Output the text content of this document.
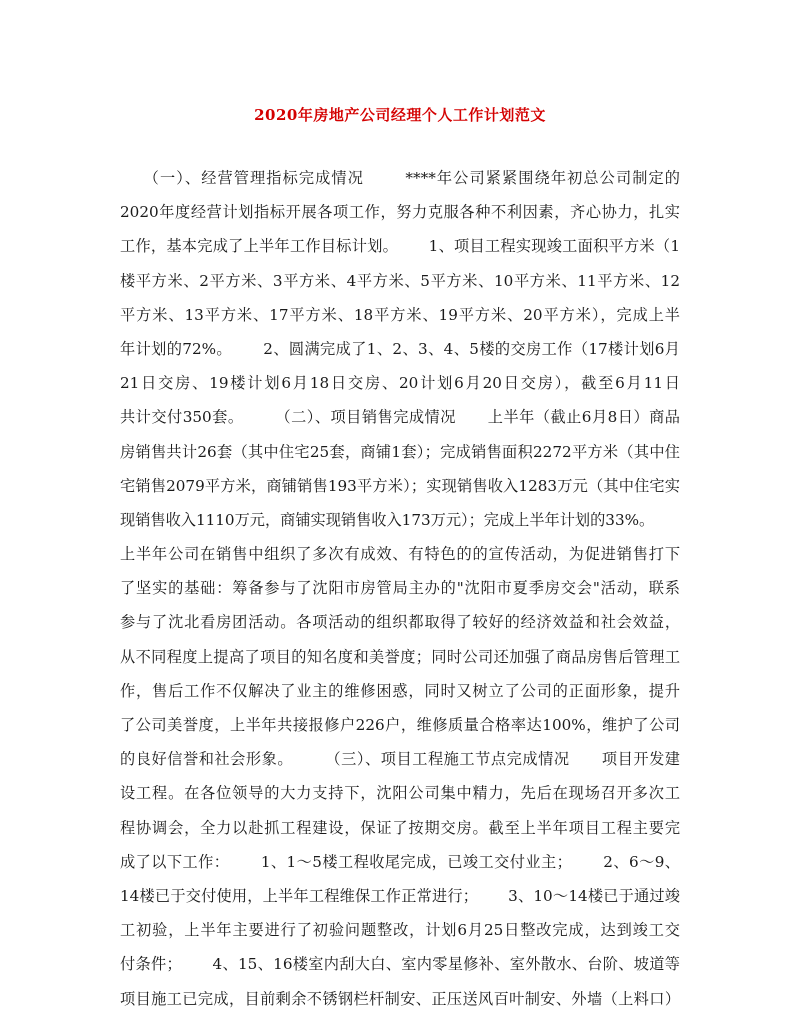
2020年房地产公司经理个人工作计划范文
（一）、经营管理指标完成情况       ****年公司紧紧围绕年初总公司制定的
2020年度经营计划指标开展各项工作，努力克服各种不利因素，齐心协力，扎实
工作，基本完成了上半年工作目标计划。      1、项目工程实现竣工面积平方米（1
楼平方米、2平方米、3平方米、4平方米、5平方米、10平方米、11平方米、12
平方米、13平方米、17平方米、18平方米、19平方米、20平方米），完成上半
年计划的72%。      2、圆满完成了1、2、3、4、5楼的交房工作（17楼计划6月
21日交房、19楼计划6月18日交房、20计划6月20日交房），截至6月11日
共计交付350套。      （二）、项目销售完成情况      上半年（截止6月8日）商品
房销售共计26套（其中住宅25套，商铺1套）；完成销售面积2272平方米（其中住
宅销售2079平方米，商铺销售193平方米）；实现销售收入1283万元（其中住宅实
现销售收入1110万元，商铺实现销售收入173万元）；完成上半年计划的33%。
上半年公司在销售中组织了多次有成效、有特色的的宣传活动，为促进销售打下
了坚实的基础：筹备参与了沈阳市房管局主办的"沈阳市夏季房交会"活动，联系
参与了沈北看房团活动。各项活动的组织都取得了较好的经济效益和社会效益，
从不同程度上提高了项目的知名度和美誉度；同时公司还加强了商品房售后管理工
作，售后工作不仅解决了业主的维修困惑，同时又树立了公司的正面形象，提升
了公司美誉度，上半年共接报修户226户，维修质量合格率达100%，维护了公司
的良好信誉和社会形象。      （三）、项目工程施工节点完成情况      项目开发建
设工程。在各位领导的大力支持下，沈阳公司集中精力，先后在现场召开多次工
程协调会，全力以赴抓工程建设，保证了按期交房。截至上半年项目工程主要完
成了以下工作：      1、1～5楼工程收尾完成，已竣工交付业主；      2、6～9、
14楼已于交付使用，上半年工程维保工作正常进行；      3、10～14楼已于通过竣
工初验，上半年主要进行了初验问题整改，计划6月25日整改完成，达到竣工交
付条件；      4、15、16楼室内刮大白、室内零星修补、室外散水、台阶、坡道等
项目施工已完成，目前剩余不锈钢栏杆制安、正压送风百叶制安、外墙（上料口）
